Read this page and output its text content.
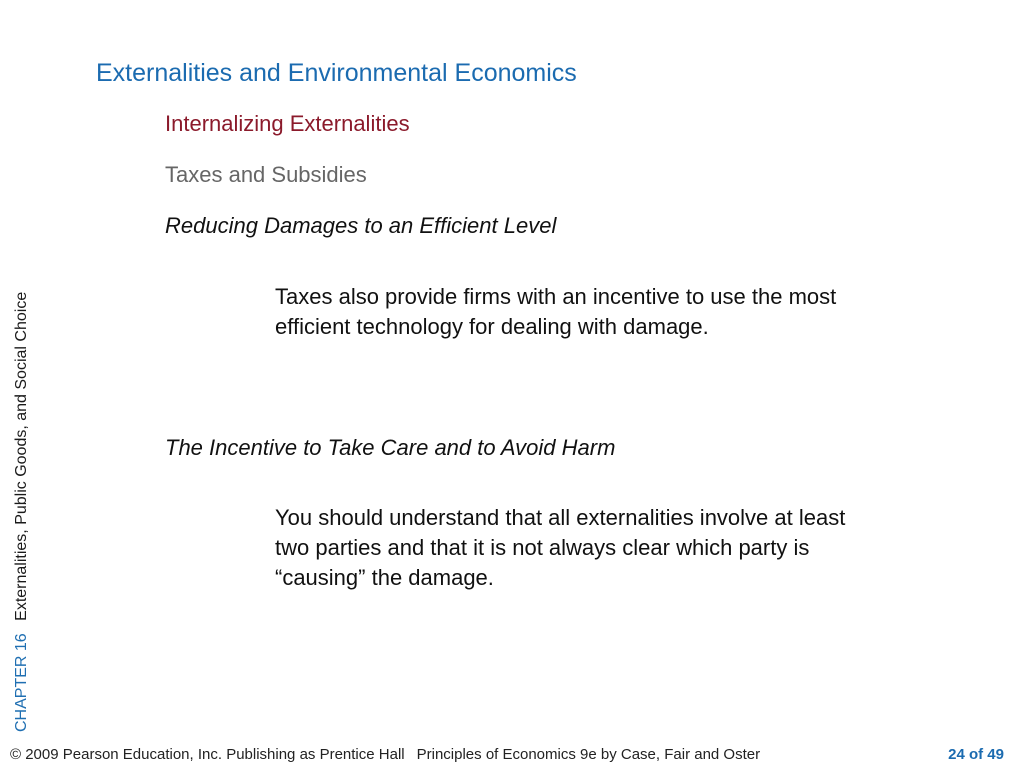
CHAPTER 16 Externalities, Public Goods, and Social Choice
Externalities and Environmental Economics
Internalizing Externalities
Taxes and Subsidies
Reducing Damages to an Efficient Level

Taxes also provide firms with an incentive to use the most efficient technology for dealing with damage.

The Incentive to Take Care and to Avoid Harm

You should understand that all externalities involve at least two parties and that it is not always clear which party is “causing” the damage.

© 2009 Pearson Education, Inc. Publishing as Prentice Hall Principles of Economics 9e by Case, Fair and Oster	24 of 49
